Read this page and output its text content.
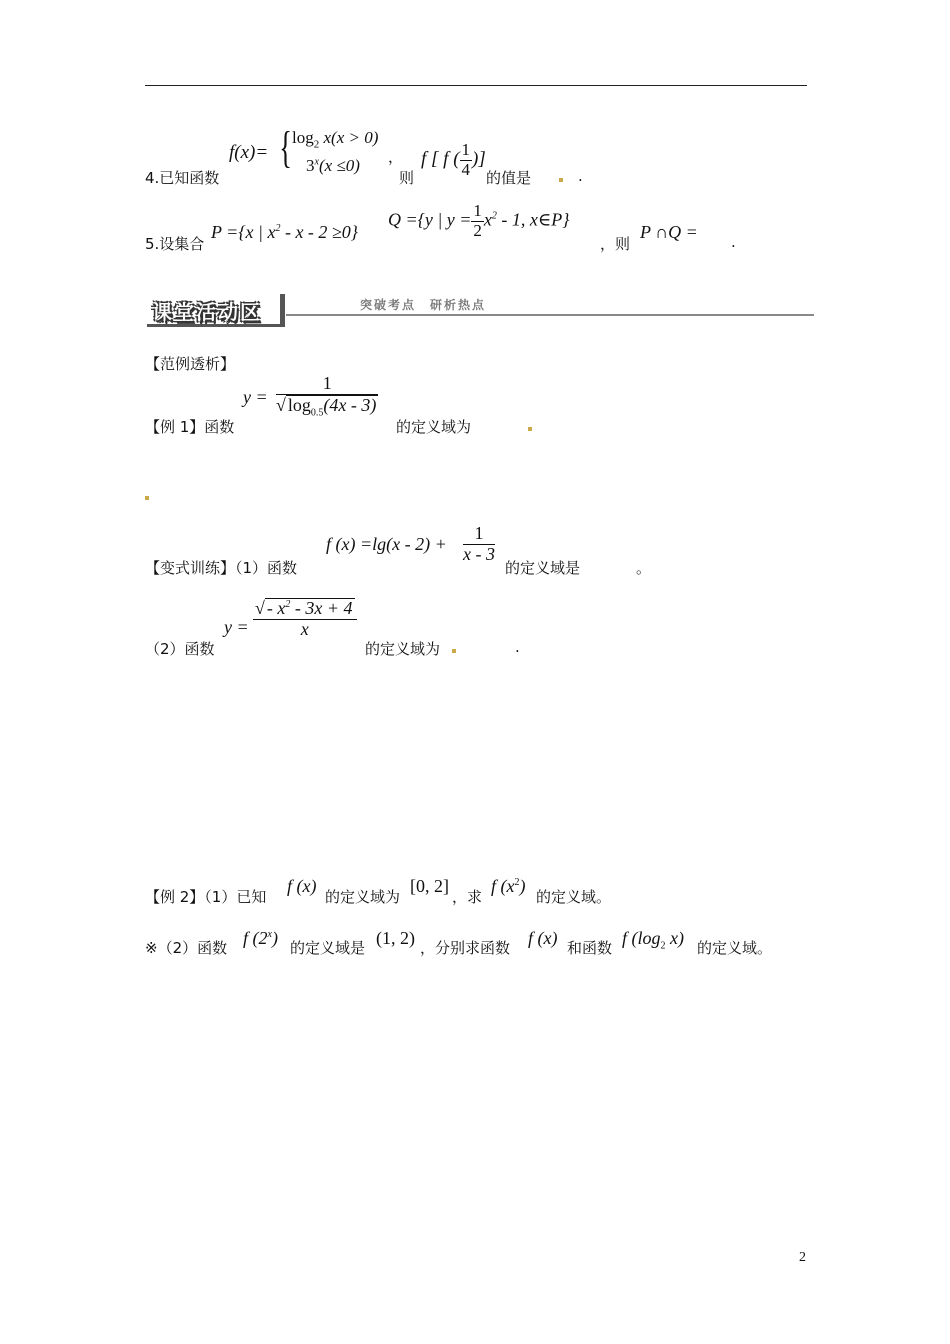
4.已知函数
f(x)= { $\log_2 x(x > 0)$
$3^x(x \le 0)$ ，
则
f [ f ( $\frac{1}{4}$ )]
的值是	.
5.设集合
P ={x | $x^2 - x - 2 \ge 0$}
Q ={y | $y = \frac{1}{2} x^2 - 1$, x∈P}
，则
P ∩Q = .
课堂活动区	突破考点　研析热点
【范例透析】
【例 1】函数
$y = \frac{1}{√ \log_{0.5}(4x - 3)}$
的定义域为
【变式训练】（1）函数
f $(x) =\lg(x - 2) + \frac{1}{x - 3}$
的定义域是	。
（2）函数
$y = \frac{√ - x^2 - 3x + 4}{x}$
的定义域为	.
【例 2】（1）已知
f (x)
的定义域为
[0, 2]
，求
f $(x^2)$
的定义域。
※（2）函数 f (2$^x$) 的定义域是 (1, 2) ，分别求函数 f (x) 和函数 f ($\log_2$ x) 的定义域。
2
